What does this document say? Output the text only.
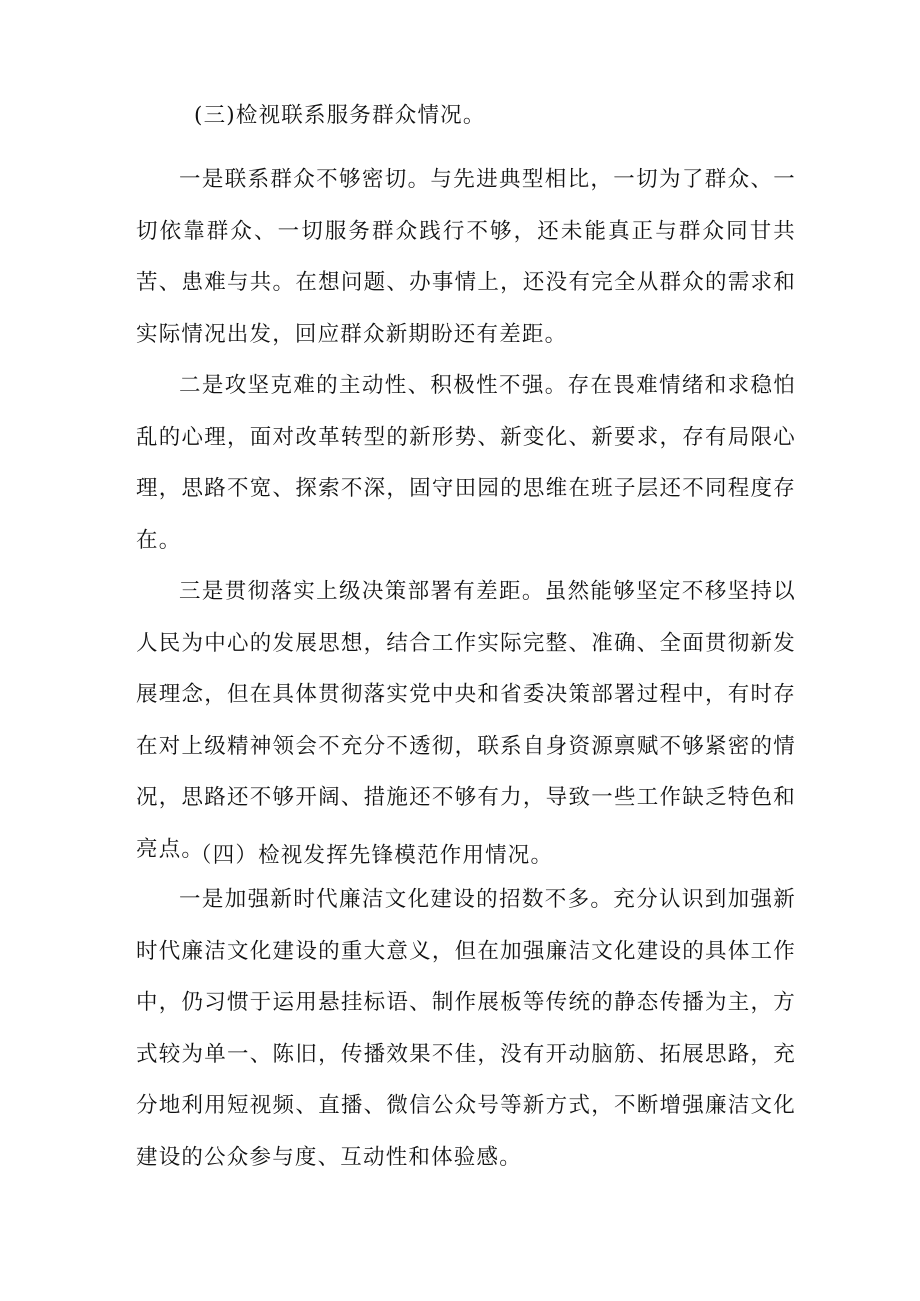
(三)检视联系服务群众情况。

一是联系群众不够密切。与先进典型相比，一切为了群众、一切依靠群众、一切服务群众践行不够，还未能真正与群众同甘共苦、患难与共。在想问题、办事情上，还没有完全从群众的需求和实际情况出发，回应群众新期盼还有差距。

二是攻坚克难的主动性、积极性不强。存在畏难情绪和求稳怕乱的心理，面对改革转型的新形势、新变化、新要求，存有局限心理，思路不宽、探索不深，固守田园的思维在班子层还不同程度存在。

三是贯彻落实上级决策部署有差距。虽然能够坚定不移坚持以人民为中心的发展思想，结合工作实际完整、准确、全面贯彻新发展理念，但在具体贯彻落实党中央和省委决策部署过程中，有时存在对上级精神领会不充分不透彻，联系自身资源禀赋不够紧密的情况，思路还不够开阔、措施还不够有力，导致一些工作缺乏特色和亮点。

（四）检视发挥先锋模范作用情况。

一是加强新时代廉洁文化建设的招数不多。充分认识到加强新时代廉洁文化建设的重大意义，但在加强廉洁文化建设的具体工作中，仍习惯于运用悬挂标语、制作展板等传统的静态传播为主，方式较为单一、陈旧，传播效果不佳，没有开动脑筋、拓展思路，充分地利用短视频、直播、微信公众号等新方式，不断增强廉洁文化建设的公众参与度、互动性和体验感。
